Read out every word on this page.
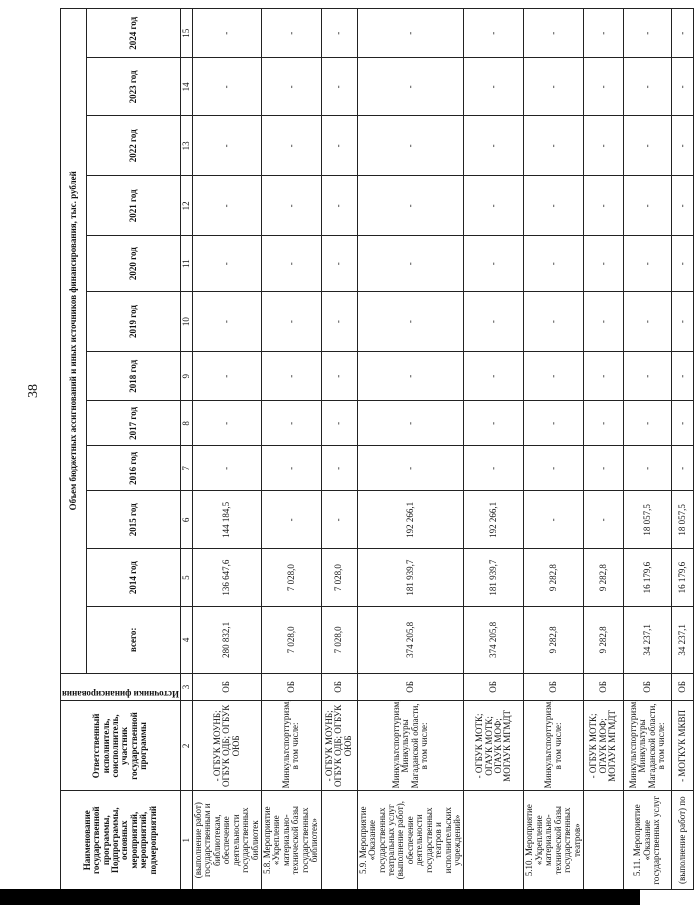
38
Наименование государственной программы, Подпрограммы, основных мероприятий, мероприятий, подмероприятий	Ответственный исполнитель, соисполнитель, участник государственной программы	Источники финансирования	Объем бюджетных ассигнований и иных источников финансирования, тыс. рублей											
			всего:	2014 год	2015 год	2016 год	2017 год	2018 год	2019 год	2020 год	2021 год	2022 год	2023 год	2024 год
1	2	3	4	5	6	7	8	9	10	11	12	13	14	15
(выполнение работ) государственным и библиотекам, обеспечение деятельности государственных библиотек	- ОГБУК МОУНБ; ОГБУК ОДБ; ОГБУК ОЮБ	ОБ	280 832,1	136 647,6	144 184,5	-	-	-	-	-	-	-	-	-
5.8. Мероприятие «Укрепление материально-технической базы государственных библиотек»	Минкультспорттуризм, в том числе:	ОБ	7 028,0	7 028,0	-	-	-	-	-	-	-	-	-	-
	- ОГБУК МОУНБ; ОГБУК ОДБ; ОГБУК ОЮБ	ОБ	7 028,0	7 028,0	-	-	-	-	-	-	-	-	-	-
5.9. Мероприятие «Оказание государственных театральных услуг (выполнение работ), обеспечение деятельности государственных театров и исполнительских учреждений»	Минкультспорттуризм; Минкультуры Магаданской области, в том числе:	ОБ	374 205,8	181 939,7	192 266,1	-	-	-	-	-	-	-	-	-
	- ОГБУК МОТК; ОГАУК МОТК; ОГАУК МОФ; МОГАУК МГМДТ	ОБ	374 205,8	181 939,7	192 266,1	-	-	-	-	-	-	-	-	-
5.10. Мероприятие «Укрепление материально-технической базы государственных театров»	Минкультспорттуризм, в том числе:	ОБ	9 282,8	9 282,8	-	-	-	-	-	-	-	-	-	-
	- ОГБУК МОТК; ОГАУК МОФ; МОГАУК МГМДТ	ОБ	9 282,8	9 282,8	-	-	-	-	-	-	-	-	-	-
5.11. Мероприятие «Оказание государственных услуг	Минкультспорттуризм; Минкультуры Магаданской области, в том числе:	ОБ	34 237,1	16 179,6	18 057,5	-	-	-	-	-	-	-	-	-
(выполнение работ) по	- МОГКУК МКВП	ОБ	34 237,1	16 179,6	18 057,5	-	-	-	-	-	-	-	-	-
